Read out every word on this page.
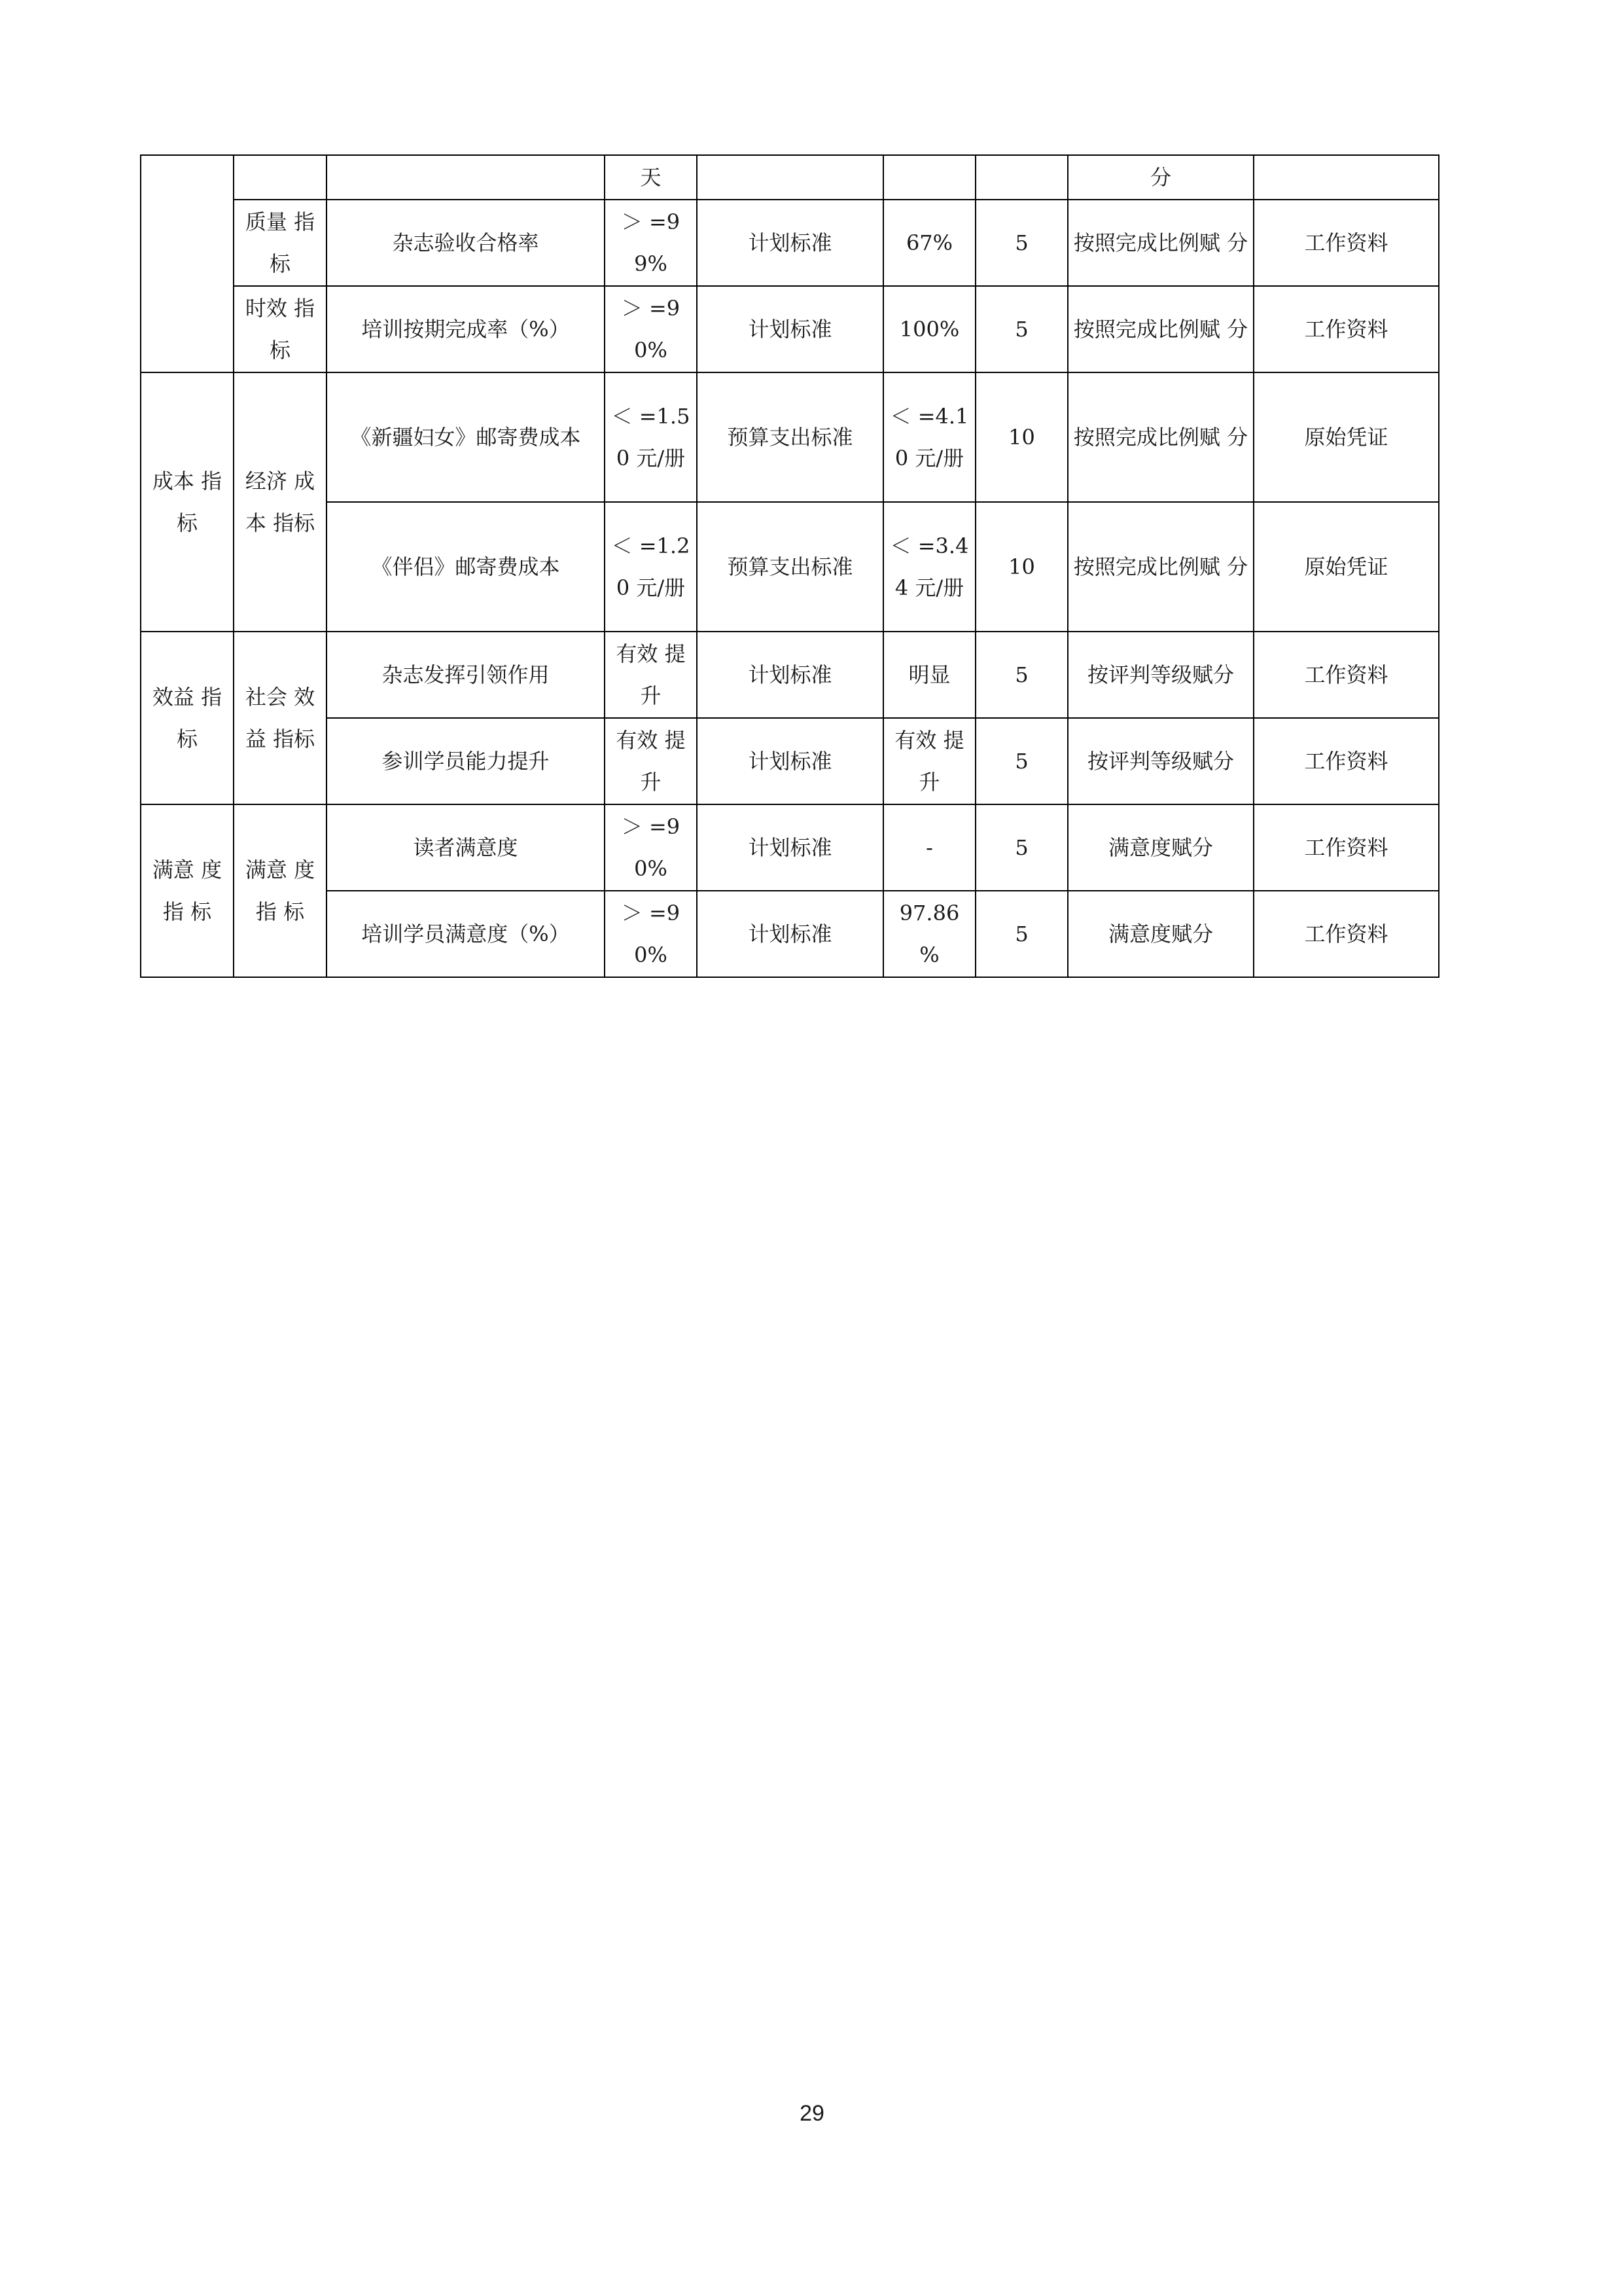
			天				分	
	质量 指标	杂志验收合格率	＞ =99%	计划标准	67%	5	按照完成比例赋 分	工作资料
	时效 指标	培训按期完成率（%）	＞ =90%	计划标准	100%	5	按照完成比例赋 分	工作资料
成本 指标	经济 成本 指标	《新疆妇女》邮寄费成本	＜ =1.50 元/册	预算支出标准	＜ =4.10 元/册	10	按照完成比例赋 分	原始凭证
		《伴侣》邮寄费成本	＜ =1.20 元/册	预算支出标准	＜ =3.44 元/册	10	按照完成比例赋 分	原始凭证
效益 指标	社会 效益 指标	杂志发挥引领作用	有效 提升	计划标准	明显	5	按评判等级赋分	工作资料
		参训学员能力提升	有效 提升	计划标准	有效 提升	5	按评判等级赋分	工作资料
满意 度指 标	满意 度指 标	读者满意度	＞ =90%	计划标准	-	5	满意度赋分	工作资料
		培训学员满意度（%）	＞ =90%	计划标准	97.86 %	5	满意度赋分	工作资料
29
